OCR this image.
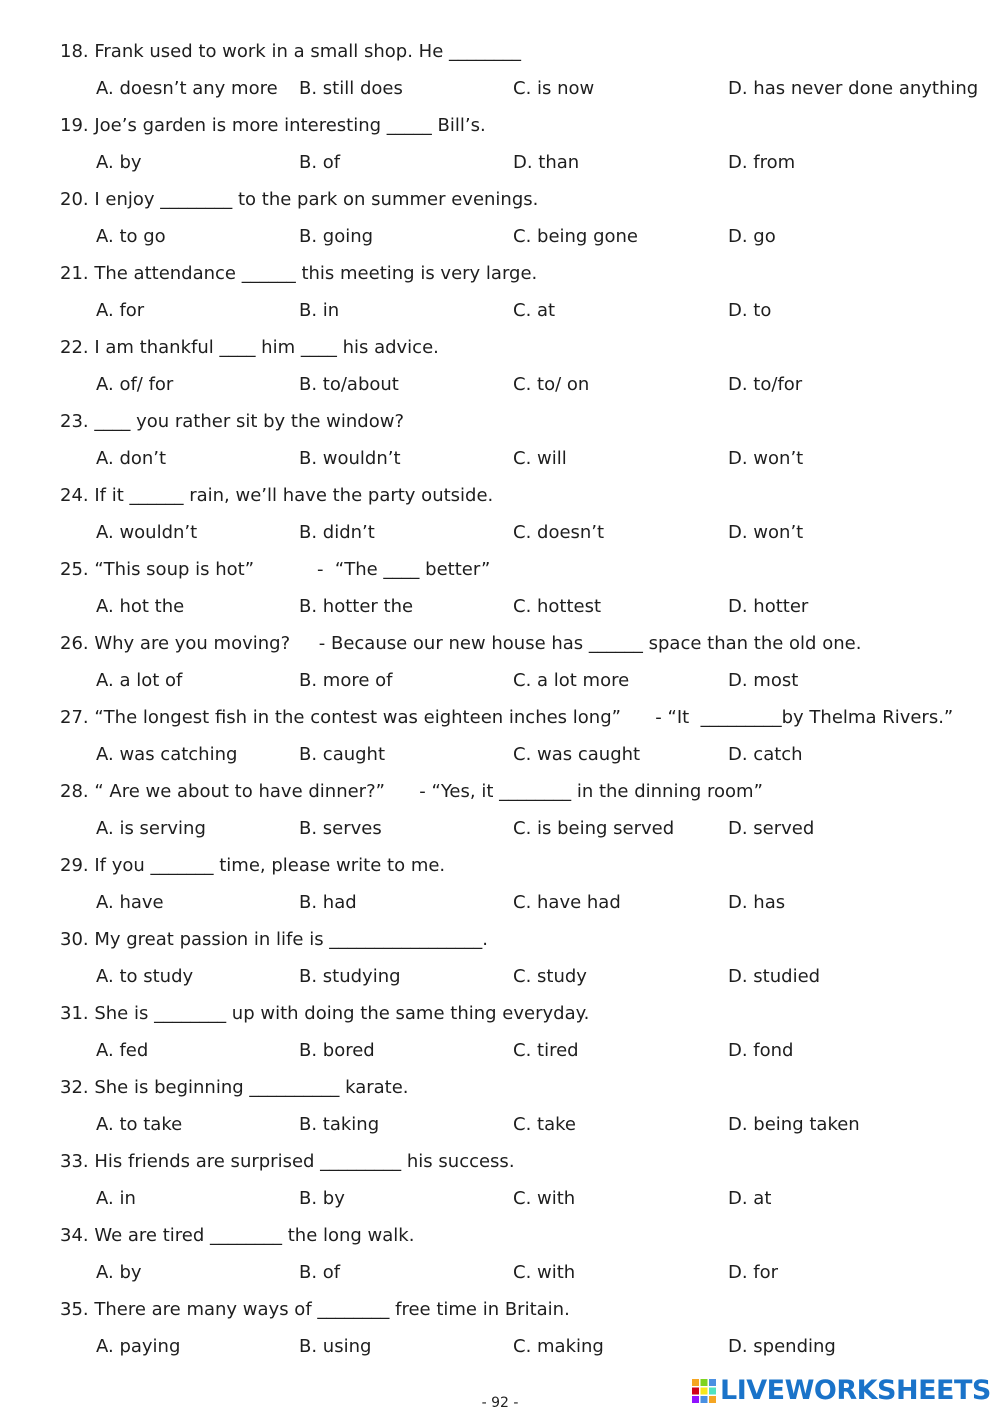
18. Frank used to work in a small shop. He ________
A. doesn’t any more B. still does	C. is now	D. has never done anything
19. Joe’s garden is more interesting _____ Bill’s.
A. by	B. of	D. than	D. from
20. I enjoy ________ to the park on summer evenings.
A. to go	B. going	C. being gone	D. go
21. The attendance ______ this meeting is very large.
A. for	B. in	C. at	D. to
22. I am thankful ____ him ____ his advice.
A. of/ for	B. to/about	C. to/ on	D. to/for
23. ____ you rather sit by the window?
A. don’t	B. wouldn’t	C. will	D. won’t
24. If it ______ rain, we’ll have the party outside.
A. wouldn’t	B. didn’t	C. doesn’t	D. won’t
25. “This soup is hot”           -  “The ____ better”
A. hot the	B. hotter the	C. hottest	D. hotter
26. Why are you moving?     - Because our new house has ______ space than the old one.
A. a lot of	B. more of	C. a lot more	D. most
27. “The longest fish in the contest was eighteen inches long”      - “It  _________by Thelma Rivers.”
A. was catching	B. caught	C. was caught	D. catch
28. “ Are we about to have dinner?”      - “Yes, it ________ in the dinning room”
A. is serving	B. serves	C. is being served	D. served
29. If you _______ time, please write to me.
A. have	B. had	C. have had	D. has
30. My great passion in life is _________________.
A. to study	B. studying	C. study	D. studied
31. She is ________ up with doing the same thing everyday.
A. fed	B. bored	C. tired	D. fond
32. She is beginning __________ karate.
A. to take	B. taking	C. take	D. being taken
33. His friends are surprised _________ his success.
A. in	B. by	C. with	D. at
34. We are tired ________ the long walk.
A. by	B. of	C. with	D. for
35. There are many ways of ________ free time in Britain.
A. paying	B. using	C. making	D. spending
- 92 -	LIVEWORKSHEETS
